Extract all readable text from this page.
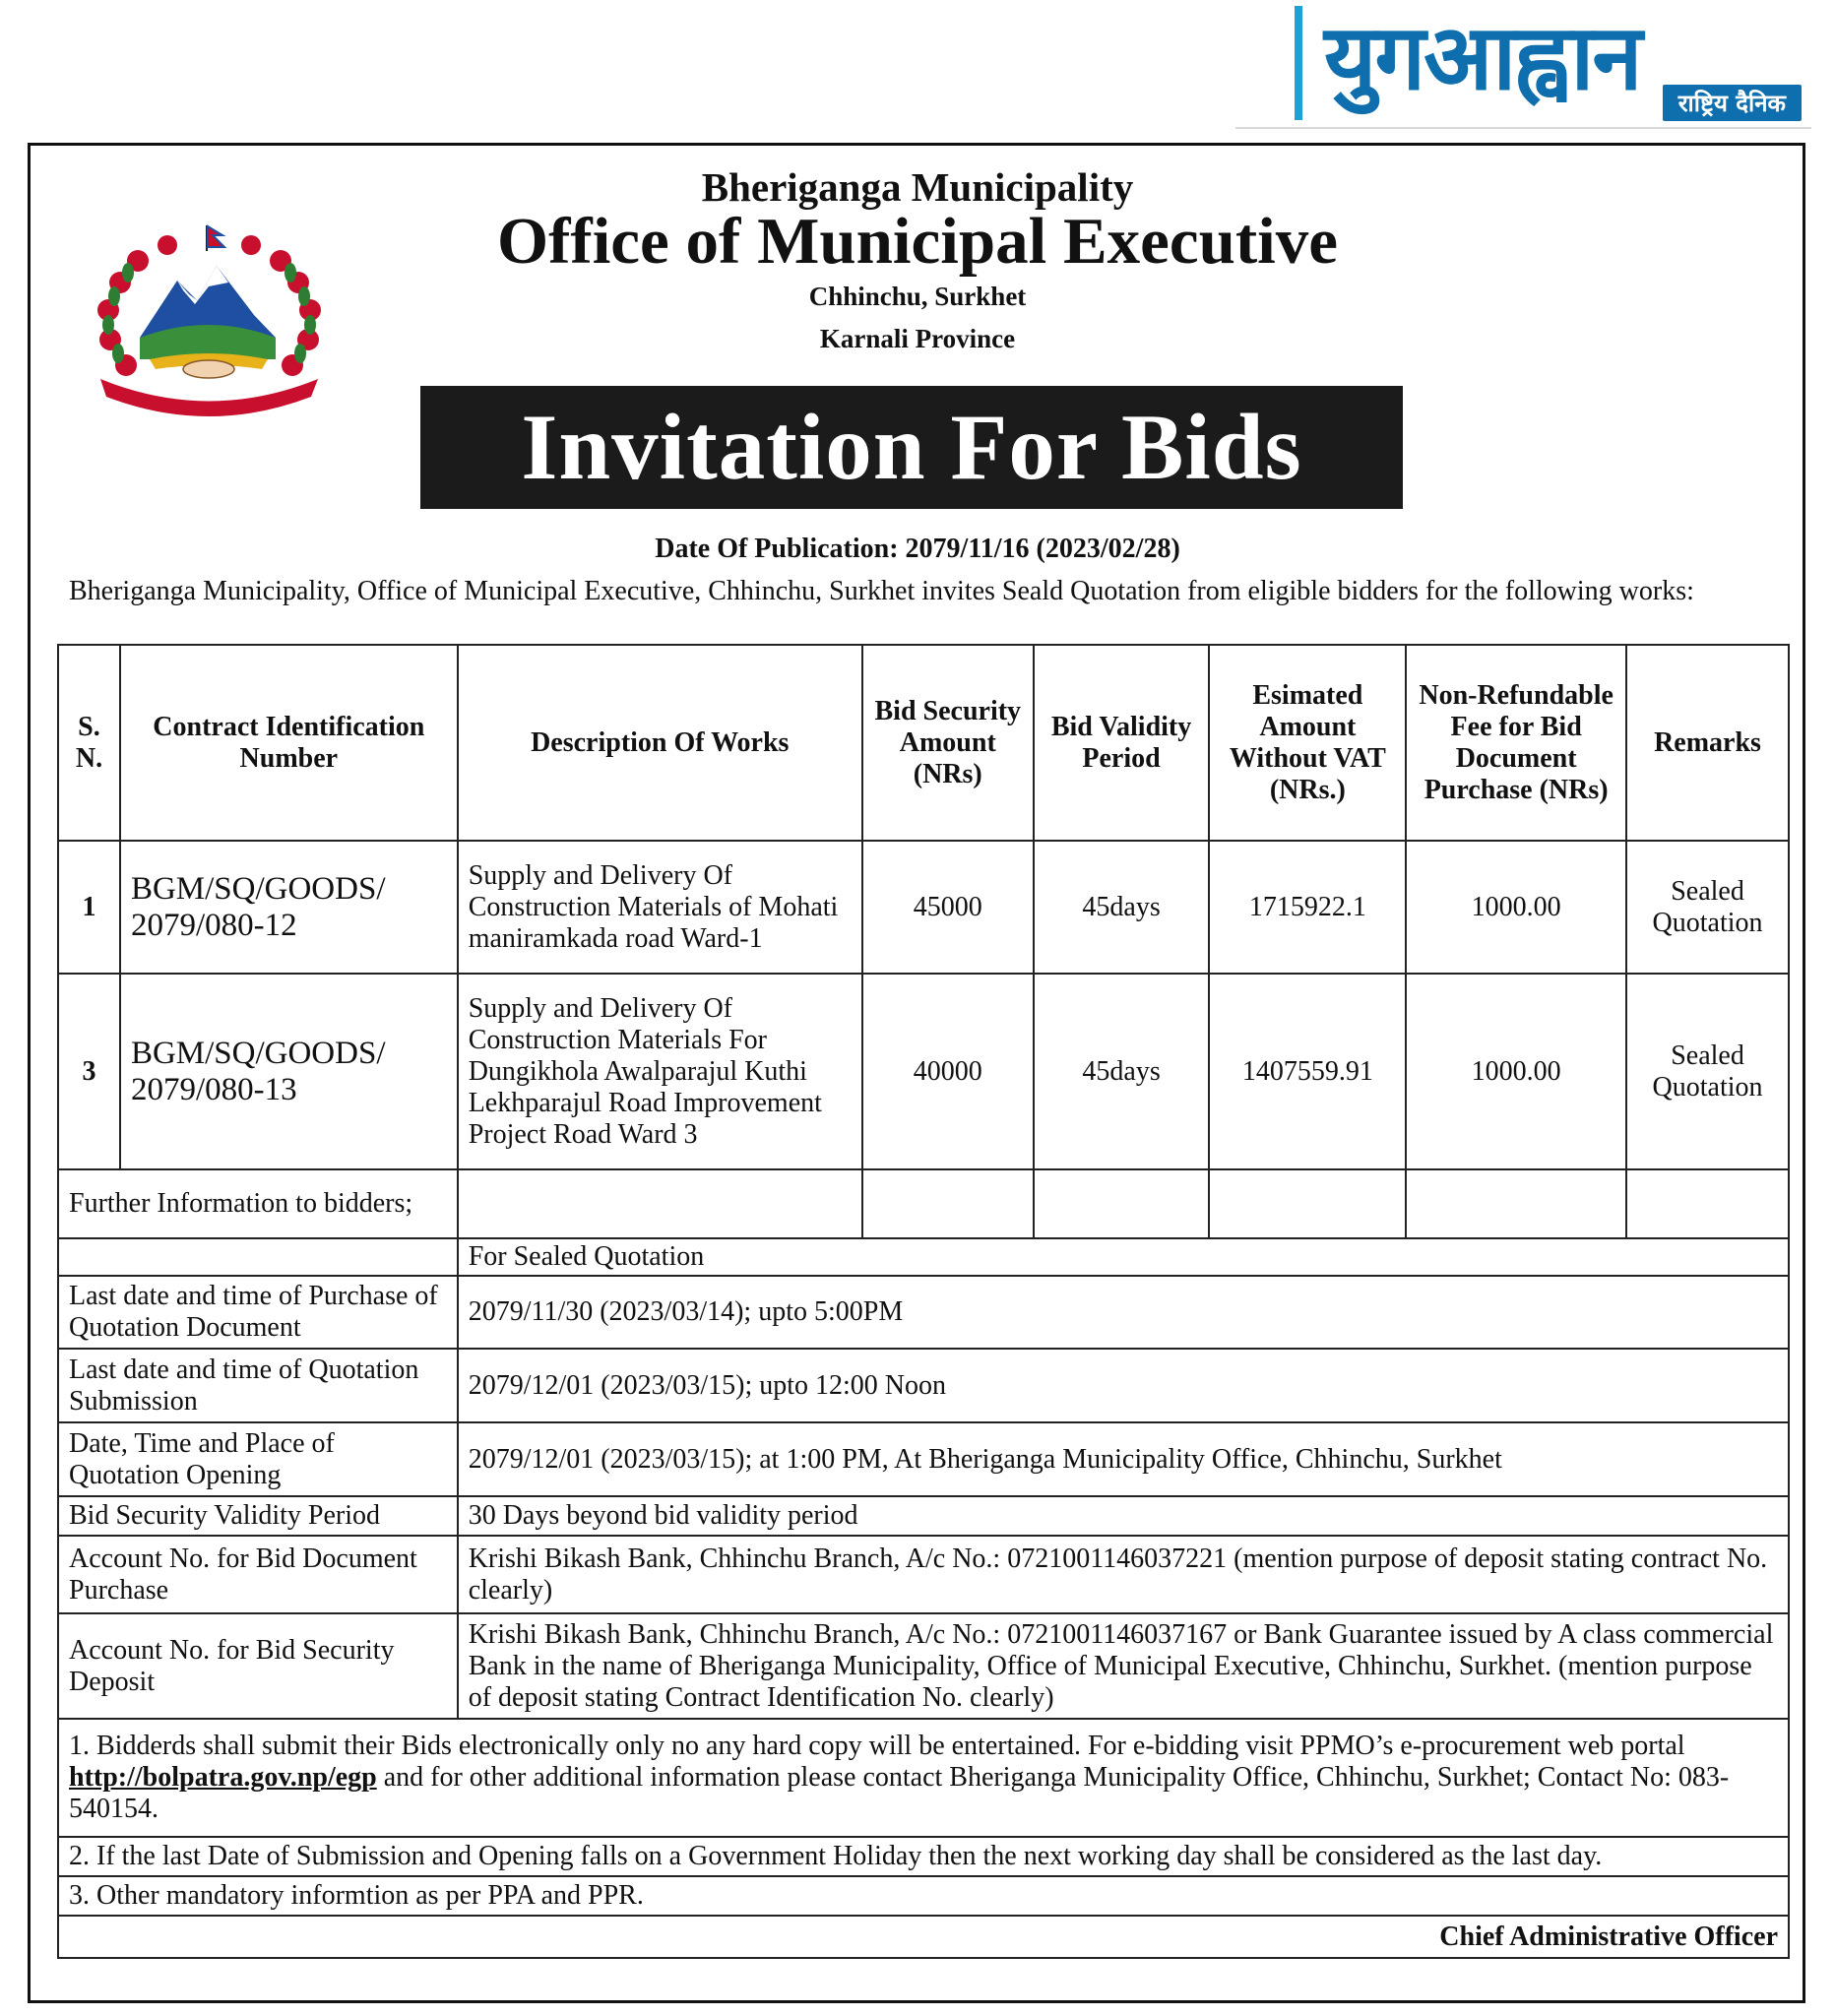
युगआह्वान	राष्ट्रिय दैनिक
Bheriganga Municipality
Office of Municipal Executive
Chhinchu, Surkhet
Karnali Province
Invitation For Bids
Date Of Publication: 2079/11/16 (2023/02/28)
Bheriganga Municipality, Office of Municipal Executive, Chhinchu, Surkhet invites Seald Quotation from eligible bidders for the following works:
S. N.	Contract Identification Number	Description Of Works	Bid Security Amount (NRs)	Bid Validity Period	Esimated Amount Without VAT (NRs.)	Non-Refundable Fee for Bid Document Purchase (NRs)	Remarks
1	BGM/SQ/GOODS/ 2079/080-12	Supply and Delivery Of Construction Materials of Mohati maniramkada road Ward-1	45000	45days	1715922.1	1000.00	Sealed Quotation
3	BGM/SQ/GOODS/ 2079/080-13	Supply and Delivery Of Construction Materials For Dungikhola Awalparajul Kuthi Lekhparajul Road Improvement Project Road Ward 3	40000	45days	1407559.91	1000.00	Sealed Quotation
Further Information to bidders;							
		For Sealed Quotation					
Last date and time of Purchase of Quotation Document		2079/11/30 (2023/03/14); upto 5:00PM					
Last date and time of Quotation Submission		2079/12/01 (2023/03/15); upto 12:00 Noon					
Date, Time and Place of Quotation Opening		2079/12/01 (2023/03/15); at 1:00 PM, At Bheriganga Municipality Office, Chhinchu, Surkhet					
Bid Security Validity Period		30 Days beyond bid validity period					
Account No. for Bid Document Purchase		Krishi Bikash Bank, Chhinchu Branch, A/c No.: 0721001146037221 (mention purpose of deposit stating contract No. clearly)					
Account No. for Bid Security Deposit		Krishi Bikash Bank, Chhinchu Branch, A/c No.: 0721001146037167 or Bank Guarantee issued by A class commercial Bank in the name of Bheriganga Municipality, Office of Municipal Executive, Chhinchu, Surkhet. (mention purpose of deposit stating Contract Identification No. clearly)					
1. Bidderds shall submit their Bids electronically only no any hard copy will be entertained. For e-bidding visit PPMO’s e-procurement web portal http://bolpatra.gov.np/egp and for other additional information please contact Bheriganga Municipality Office, Chhinchu, Surkhet; Contact No: 083-540154.							
2. If the last Date of Submission and Opening falls on a Government Holiday then the next working day shall be considered as the last day.							
3. Other mandatory informtion as per PPA and PPR.							
Chief Administrative Officer							
